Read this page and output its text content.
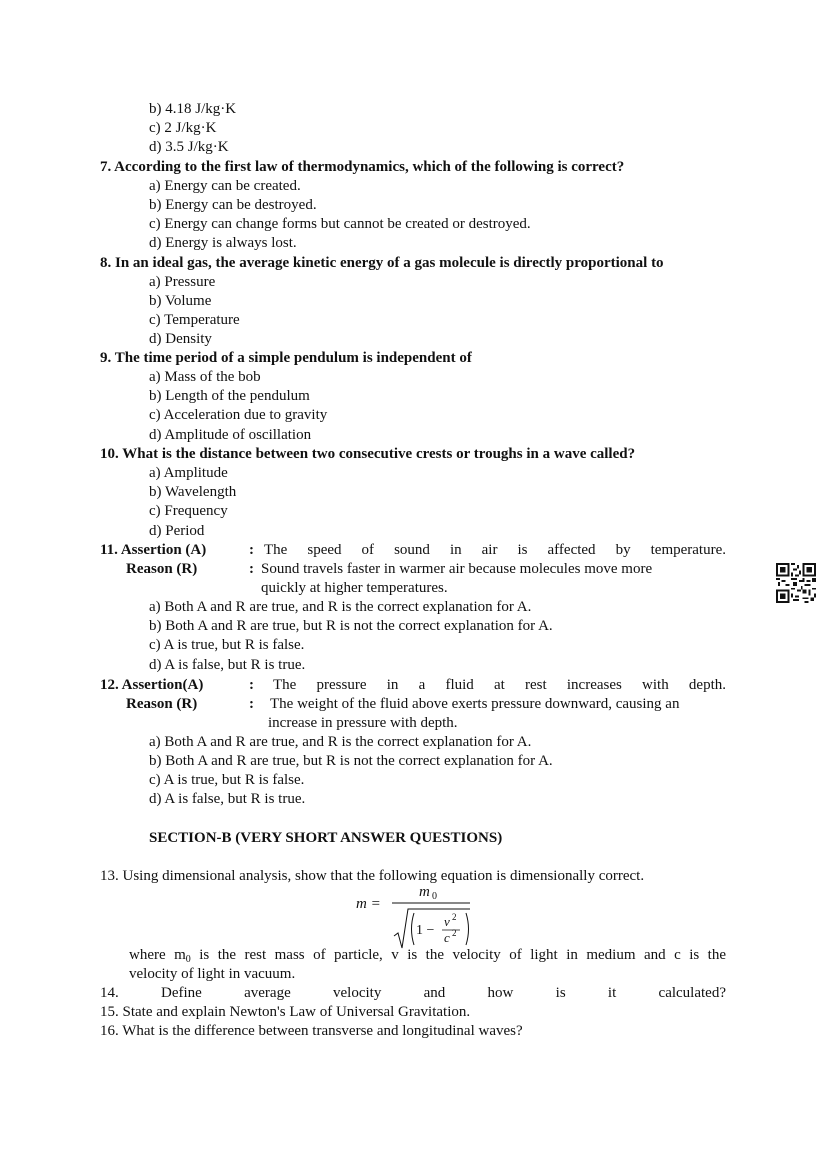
b) 4.18 J/kg·K
c) 2 J/kg·K
d) 3.5 J/kg·K
7. According to the first law of thermodynamics, which of the following is correct?
a) Energy can be created.
b) Energy can be destroyed.
c) Energy can change forms but cannot be created or destroyed.
d) Energy is always lost.
8. In an ideal gas, the average kinetic energy of a gas molecule is directly proportional to
a) Pressure
b) Volume
c) Temperature
d) Density
9. The time period of a simple pendulum is independent of
a) Mass of the bob
b) Length of the pendulum
c) Acceleration due to gravity
d) Amplitude of oscillation
10. What is the distance between two consecutive crests or troughs in a wave called?
a) Amplitude
b) Wavelength
c) Frequency
d) Period
11. Assertion (A)	: The speed of sound in air is affected by temperature.
Reason (R)	: Sound travels faster in warmer air because molecules move more
quickly at higher temperatures.
a) Both A and R are true, and R is the correct explanation for A.
b) Both A and R are true, but R is not the correct explanation for A.
c) A is true, but R is false.
d) A is false, but R is true.
12. Assertion(A)	: The pressure in a fluid at rest increases with depth.
Reason (R)	: The weight of the fluid above exerts pressure downward, causing an
increase in pressure with depth.
a) Both A and R are true, and R is the correct explanation for A.
b) Both A and R are true, but R is not the correct explanation for A.
c) A is true, but R is false.
d) A is false, but R is true.
SECTION-B (VERY SHORT ANSWER QUESTIONS)
13. Using dimensional analysis, show that the following equation is dimensionally correct.
m =
m 0
1 −
v 2
c 2
where $m_0$ is the rest mass of particle, v is the velocity of light in medium and c is the
velocity of light in vacuum.
14. Define average velocity and how is it calculated?
15. State and explain Newton's Law of Universal Gravitation.
16. What is the difference between transverse and longitudinal waves?
